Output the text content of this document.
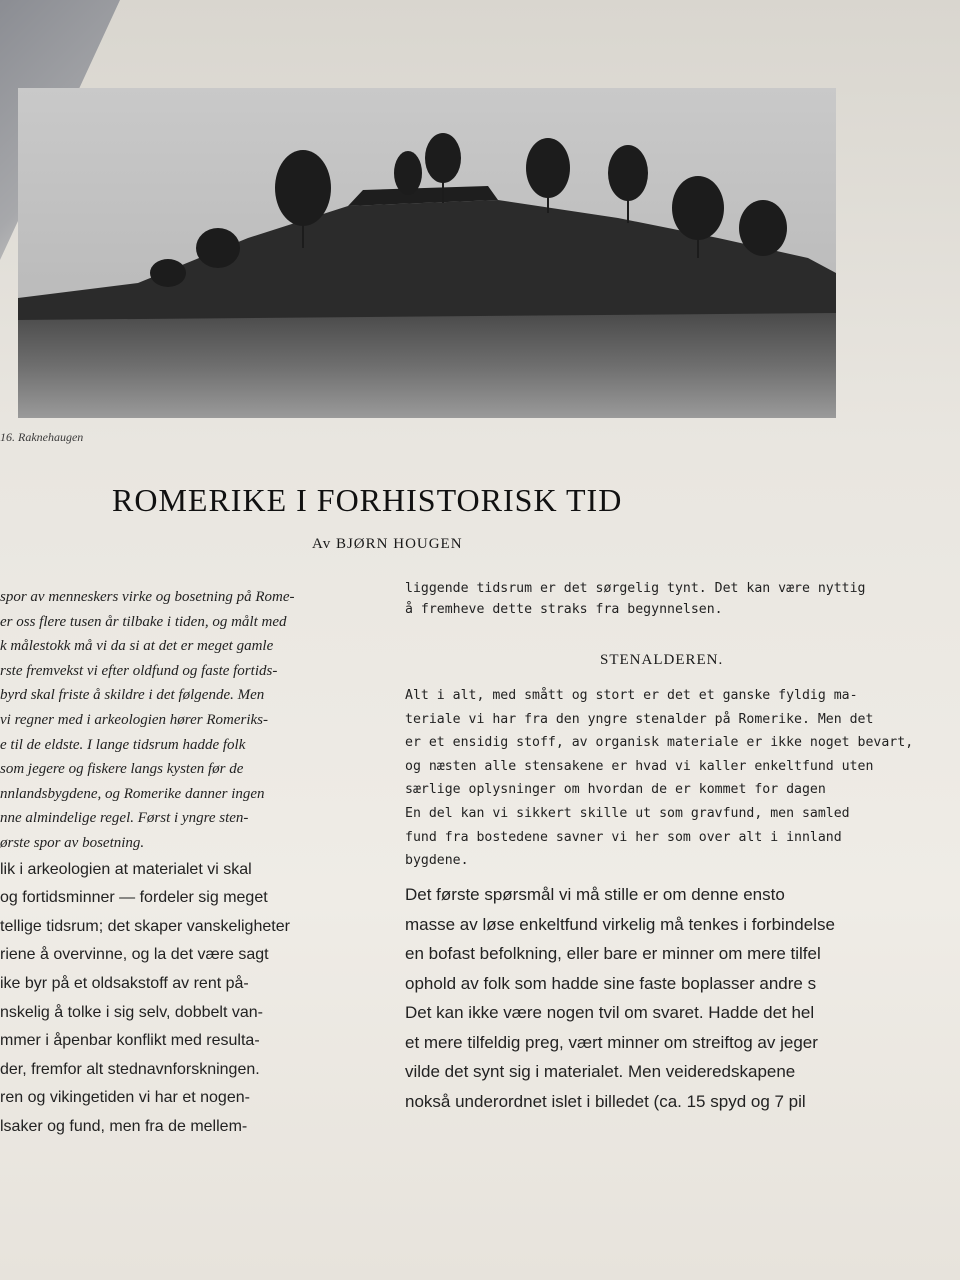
16. Raknehaugen
ROMERIKE I FORHISTORISK TID
Av BJØRN HOUGEN
spor av menneskers virke og bosetning på Rome-
er oss flere tusen år tilbake i tiden, og målt med
k målestokk må vi da si at det er meget gamle
rste fremvekst vi efter oldfund og faste fortids-
byrd skal friste å skildre i det følgende. Men
vi regner med i arkeologien hører Romeriks-
e til de eldste. I lange tidsrum hadde folk
som jegere og fiskere langs kysten før de
nnlandsbygdene, og Romerike danner ingen
nne almindelige regel. Først i yngre sten-
ørste spor av bosetning.
lik i arkeologien at materialet vi skal
og fortidsminner — fordeler sig meget
tellige tidsrum; det skaper vanskeligheter
riene å overvinne, og la det være sagt
ike byr på et oldsakstoff av rent på-
nskelig å tolke i sig selv, dobbelt van-
mmer i åpenbar konflikt med resulta-
der, fremfor alt stednavnforskningen.
ren og vikingetiden vi har et nogen-
lsaker og fund, men fra de mellem-
liggende tidsrum er det sørgelig tynt. Det kan være nyttig
å fremheve dette straks fra begynnelsen.
STENALDEREN.
Alt i alt, med smått og stort er det et ganske fyldig ma-
teriale vi har fra den yngre stenalder på Romerike. Men det
er et ensidig stoff, av organisk materiale er ikke noget bevart,
og næsten alle stensakene er hvad vi kaller enkeltfund uten
særlige oplysninger om hvordan de er kommet for dagen
En del kan vi sikkert skille ut som gravfund, men samled
fund fra bostedene savner vi her som over alt i innland
bygdene.
Det første spørsmål vi må stille er om denne ensto
masse av løse enkeltfund virkelig må tenkes i forbindelse
en bofast befolkning, eller bare er minner om mere tilfel
ophold av folk som hadde sine faste boplasser andre s
Det kan ikke være nogen tvil om svaret. Hadde det hel
et mere tilfeldig preg, vært minner om streiftog av jeger
vilde det synt sig i materialet. Men veideredskapene
nokså underordnet islet i billedet (ca. 15 spyd og 7 pil
